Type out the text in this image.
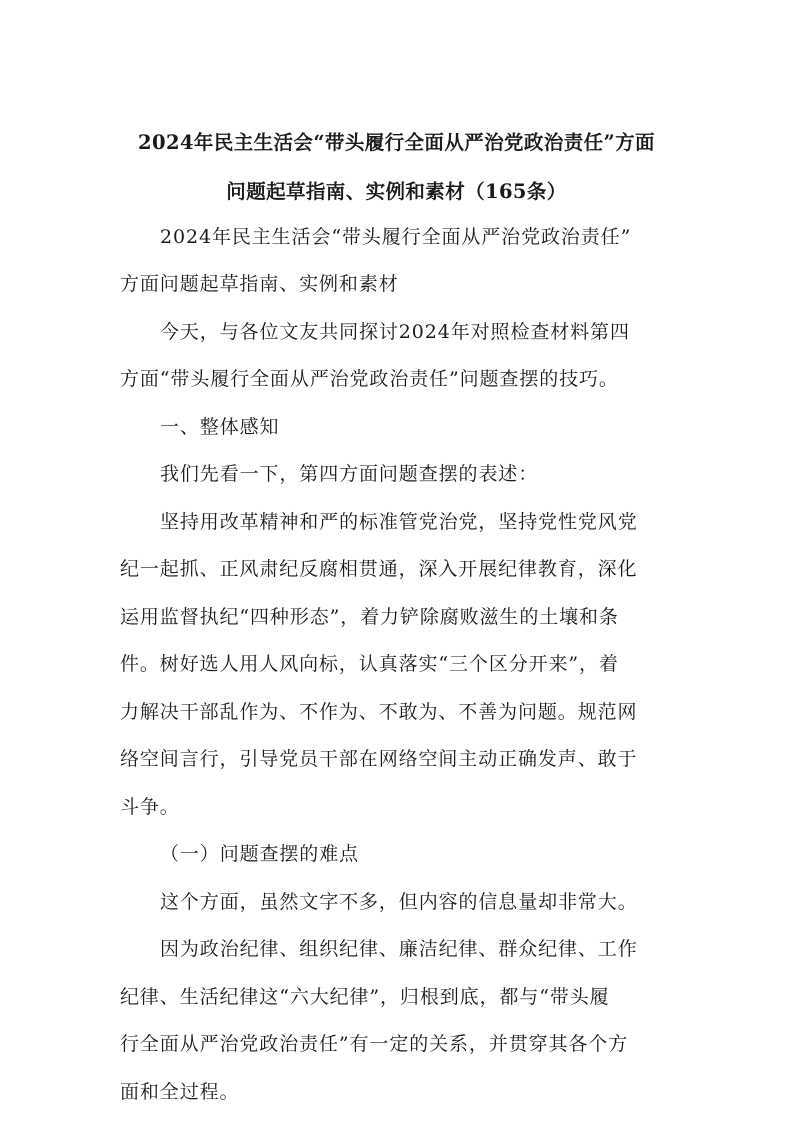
2024年民主生活会“带头履行全面从严治党政治责任”方面
问题起草指南、实例和素材（165条）
2024年民主生活会“带头履行全面从严治党政治责任”
方面问题起草指南、实例和素材
今天，与各位文友共同探讨2024年对照检查材料第四
方面“带头履行全面从严治党政治责任”问题查摆的技巧。
一、整体感知
我们先看一下，第四方面问题查摆的表述：
坚持用改革精神和严的标准管党治党，坚持党性党风党
纪一起抓、正风肃纪反腐相贯通，深入开展纪律教育，深化
运用监督执纪“四种形态”，着力铲除腐败滋生的土壤和条
件。树好选人用人风向标，认真落实“三个区分开来”，着
力解决干部乱作为、不作为、不敢为、不善为问题。规范网
络空间言行，引导党员干部在网络空间主动正确发声、敢于
斗争。
（一）问题查摆的难点
这个方面，虽然文字不多，但内容的信息量却非常大。
因为政治纪律、组织纪律、廉洁纪律、群众纪律、工作
纪律、生活纪律这“六大纪律”，归根到底，都与“带头履
行全面从严治党政治责任”有一定的关系，并贯穿其各个方
面和全过程。
